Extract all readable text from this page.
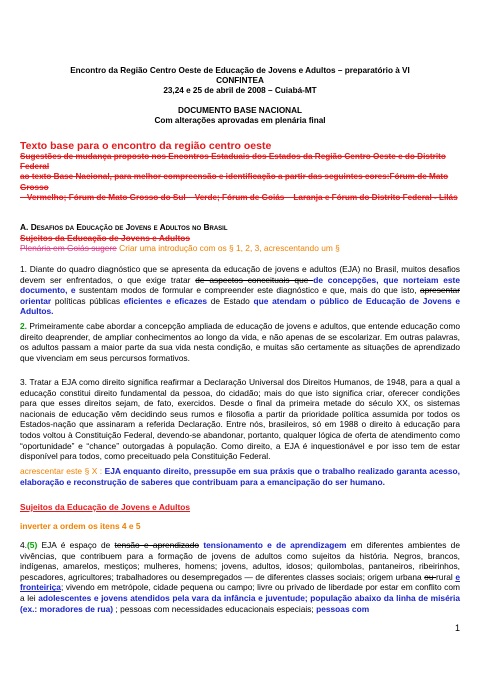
Encontro da Região Centro Oeste de Educação de Jovens e Adultos – preparatório à VI
CONFINTEA
23,24 e 25 de abril de 2008 – Cuiabá-MT
DOCUMENTO BASE NACIONAL
Com alterações aprovadas em plenária final

Texto base para o encontro da região centro oeste

Sugestões de mudança proposto nos Encontros Estaduais dos Estados da Região Centro Oeste e do Distrito Federal

ao texto Base Nacional, para melhor compreensão e identificação a partir das seguintes cores:Fórum de Mato Grosso

– Vermelho; Fórum de Mato Grosso do Sul – Verde; Fórum de Goiás – Laranja e Fórum do Distrito Federal - Lilás

A. Desafios da Educação de Jovens e Adultos no Brasil

Sujeitos da Educação de Jovens e Adultos

Plenária em Goiás sugere Criar uma introdução com os § 1, 2, 3, acrescentando um §

1. Diante do quadro diagnóstico que se apresenta da educação de jovens e adultos (EJA) no Brasil, muitos desafios devem ser enfrentados, o que exige tratar de aspectos conceituais que de concepções, que norteiam este documento, e sustentam modos de formular e compreender este diagnóstico e que, mais do que isto, apresentar orientar políticas públicas eficientes e eficazes de Estado que atendam o público de Educação de Jovens e Adultos.
2. Primeiramente cabe abordar a concepção ampliada de educação de jovens e adultos, que entende educação como direito deaprender, de ampliar conhecimentos ao longo da vida, e não apenas de se escolarizar. Em outras palavras, os adultos passam a maior parte da sua vida nesta condição, e muitas são certamente as situações de aprendizado que vivenciam em seus percursos formativos.
3. Tratar a EJA como direito significa reafirmar a Declaração Universal dos Direitos Humanos, de 1948, para a qual a educação constitui direito fundamental da pessoa, do cidadão; mais do que isto significa criar, oferecer condições para que esses direitos sejam, de fato, exercidos. Desde o final da primeira metade do século XX, os sistemas nacionais de educação vêm decidindo seus rumos e filosofia a partir da prioridade política assumida por todos os Estados-nação que assinaram a referida Declaração. Entre nós, brasileiros, só em 1988 o direito à educação para todos voltou à Constituição Federal, devendo-se abandonar, portanto, qualquer lógica de oferta de atendimento como “oportunidade” e “chance” outorgadas à população. Como direito, a EJA é inquestionável e por isso tem de estar disponível para todos, como preceituado pela Constituição Federal.
acrescentar este § X : EJA enquanto direito, pressupõe em sua práxis que o trabalho realizado garanta acesso, elaboração e reconstrução de saberes que contribuam para a emancipação do ser humano.

Sujeitos da Educação de Jovens e Adultos

inverter a ordem os itens 4 e 5

4.(5) EJA é espaço de tensão e aprendizado tensionamento e de aprendizagem em diferentes ambientes de vivências, que contribuem para a formação de jovens de adultos como sujeitos da história. Negros, brancos, indígenas, amarelos, mestiços; mulheres, homens; jovens, adultos, idosos; quilombolas, pantaneiros, ribeirinhos, pescadores, agricultores; trabalhadores ou desempregados — de diferentes classes sociais; origem urbana ou rural e fronteiriça; vivendo em metrópole, cidade pequena ou campo; livre ou privado de liberdade por estar em conflito com a lei adolescentes e jovens atendidos pela vara da infância e juventude; população abaixo da linha de miséria (ex.: moradores de rua) ; pessoas com necessidades educacionais especiais; pessoas com
1
